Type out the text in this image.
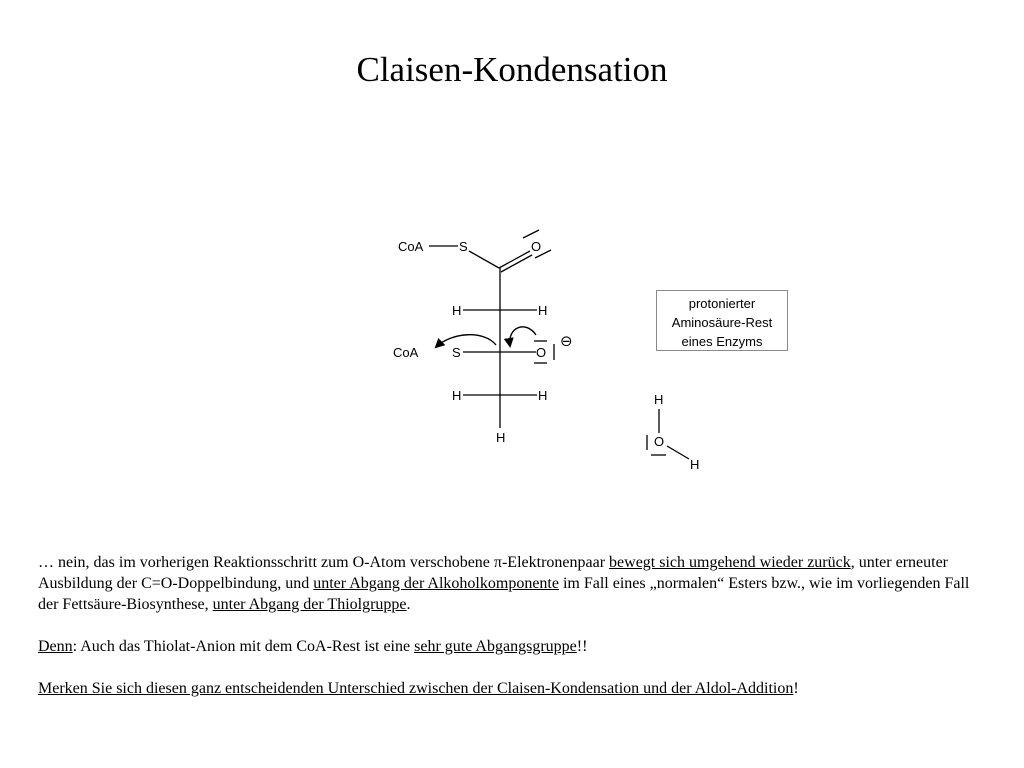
Claisen-Kondensation
CoA	S	O
H	H
CoA	S	O
⊖
H	H
H
H
O
H
protonierter
Aminosäure-Rest
eines Enzyms

… nein, das im vorherigen Reaktionsschritt zum O-Atom verschobene π-Elektronenpaar bewegt sich umgehend wieder zurück, unter erneuter Ausbildung der C=O-Doppelbindung, und unter Abgang der Alkoholkomponente im Fall eines „normalen“ Esters bzw., wie im vorliegenden Fall der Fettsäure-Biosynthese, unter Abgang der Thiolgruppe.

Denn: Auch das Thiolat-Anion mit dem CoA-Rest ist eine sehr gute Abgangsgruppe!!

Merken Sie sich diesen ganz entscheidenden Unterschied zwischen der Claisen-Kondensation und der Aldol-Addition!
